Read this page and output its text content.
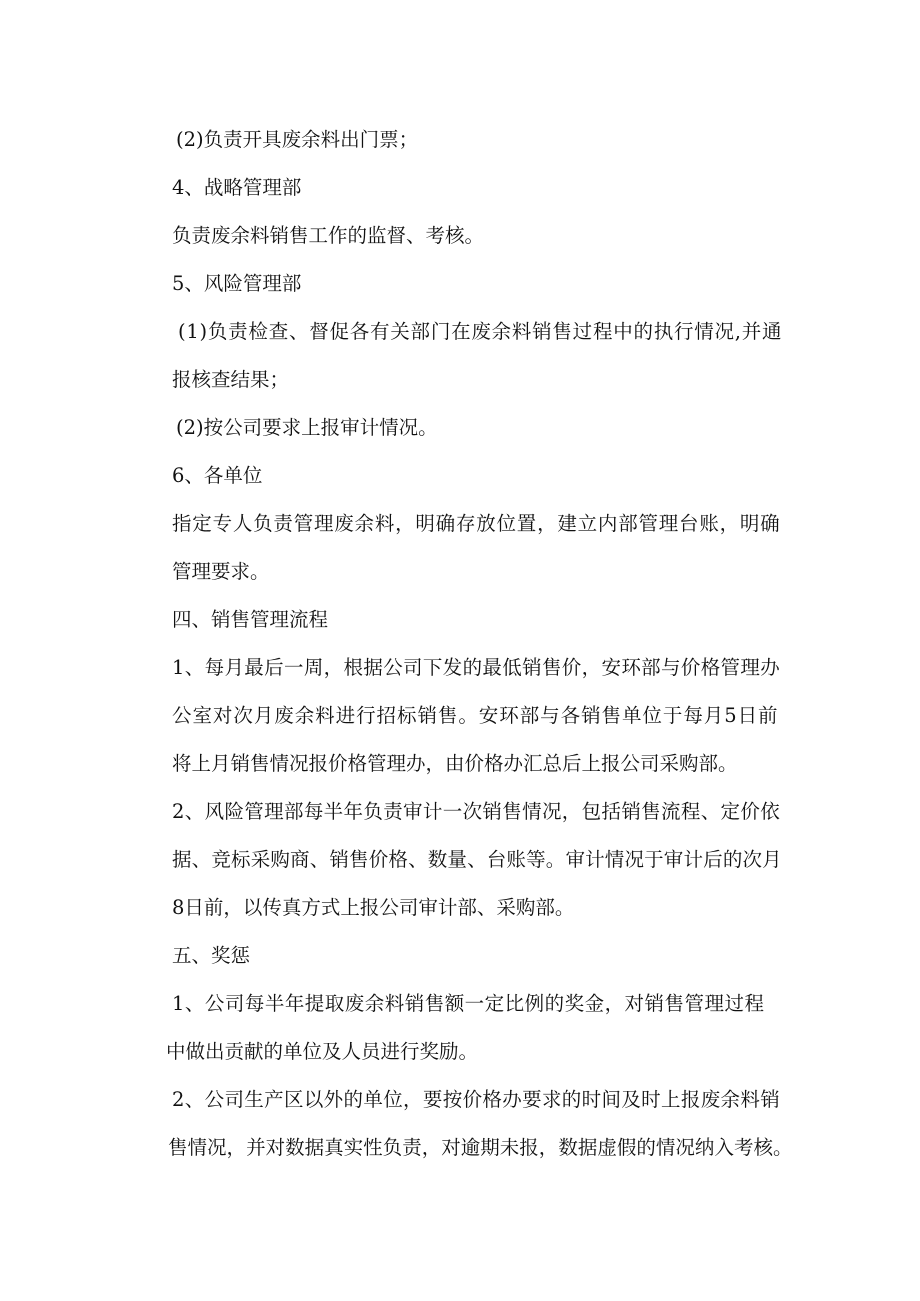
(2)负责开具废余料出门票；
4、战略管理部
负责废余料销售工作的监督、考核。
5、风险管理部
( 1 ) 负 责 检 查 、 督 促 各 有 关 部 门 在 废 余 料 销 售 过 程 中 的 执 行 情 况 , 并 通
报核查结果；
(2)按公司要求上报审计情况。
6、各单位
指 定 专 人 负 责 管 理 废 余 料 ， 明 确 存 放 位 置 ， 建 立 内 部 管 理 台 账 ， 明 确
管理要求。
四、销售管理流程
1 、 每 月 最 后 一 周 ， 根 据 公 司 下 发 的 最 低 销 售 价 ， 安 环 部 与 价 格 管 理 办
公 室 对 次 月 废 余 料 进 行 招 标 销 售 。 安 环 部 与 各 销 售 单 位 于 每 月 5 日 前
将上月销售情况报价格管理办，由价格办汇总后上报公司采购部。
2 、 风 险 管 理 部 每 半 年 负 责 审 计 一 次 销 售 情 况 ， 包 括 销 售 流 程 、 定 价 依
据 、 竞 标 采 购 商 、 销 售 价 格 、 数 量 、 台 账 等 。 审 计 情 况 于 审 计 后 的 次 月
8日前，以传真方式上报公司审计部、采购部。
五、奖惩
1 、 公 司 每 半 年 提 取 废 余 料 销 售 额 一 定 比 例 的 奖 金 ， 对 销 售 管 理 过 程
中做出贡献的单位及人员进行奖励。
2 、 公 司 生 产 区 以 外 的 单 位 ， 要 按 价 格 办 要 求 的 时 间 及 时 上 报 废 余 料 销
售 情 况 ， 并 对 数 据 真 实 性 负 责 ， 对 逾 期 未 报 ， 数 据 虚 假 的 情 况 纳 入 考 核 。
